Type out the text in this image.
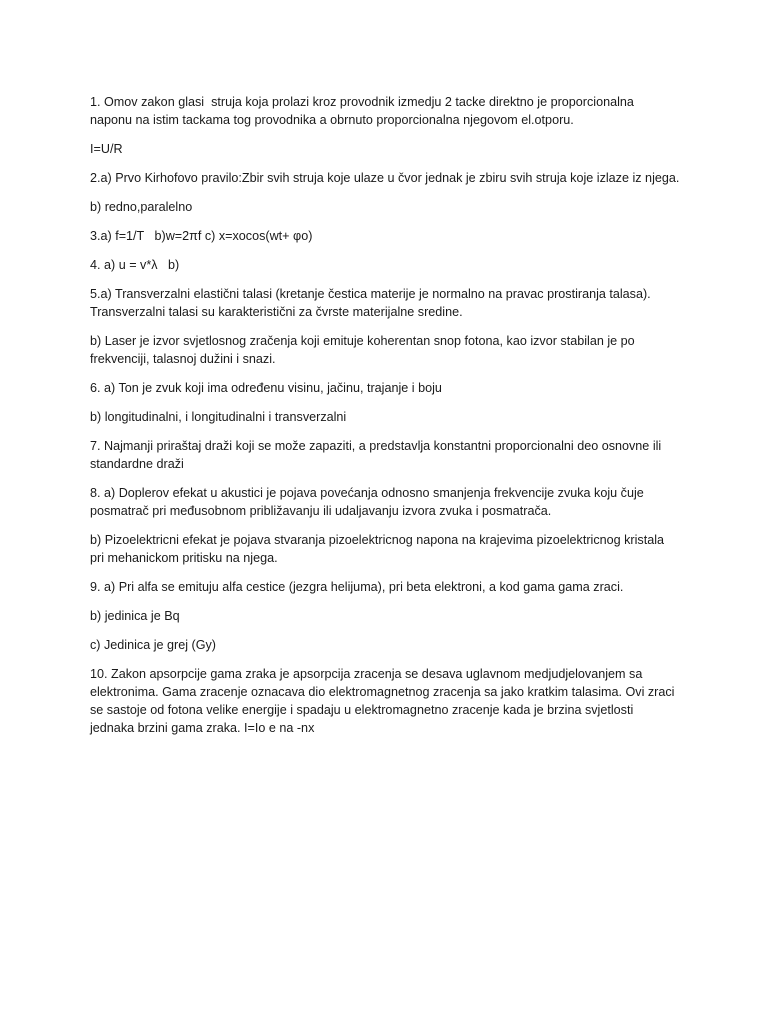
1. Omov zakon glasi  struja koja prolazi kroz provodnik izmedju 2 tacke direktno je proporcionalna
naponu na istim tackama tog provodnika a obrnuto proporcionalna njegovom el.otporu.
I=U/R
2.a) Prvo Kirhofovo pravilo:Zbir svih struja koje ulaze u čvor jednak je zbiru svih struja koje izlaze iz njega.
b) redno,paralelno
3.a) f=1/T   b)w=2πf c) x=xocos(wt+ φo)
4. a) u = v*λ   b)
5.a) Transverzalni elastični talasi (kretanje čestica materije je normalno na pravac prostiranja talasa).
Transverzalni talasi su karakteristični za čvrste materijalne sredine.
b) Laser je izvor svjetlosnog zračenja koji emituje koherentan snop fotona, kao izvor stabilan je po
frekvenciji, talasnoj dužini i snazi.
6. a) Ton je zvuk koji ima određenu visinu, jačinu, trajanje i boju
b) longitudinalni, i longitudinalni i transverzalni
7. Najmanji priraštaj draži koji se može zapaziti, a predstavlja konstantni proporcionalni deo osnovne ili
standardne draži
8. a) Doplerov efekat u akustici je pojava povećanja odnosno smanjenja frekvencije zvuka koju čuje
posmatrač pri međusobnom približavanju ili udaljavanju izvora zvuka i posmatrača.
b) Pizoelektricni efekat je pojava stvaranja pizoelektricnog napona na krajevima pizoelektricnog kristala
pri mehanickom pritisku na njega.
9. a) Pri alfa se emituju alfa cestice (jezgra helijuma), pri beta elektroni, a kod gama gama zraci.
b) jedinica je Bq
c) Jedinica je grej (Gy)
10. Zakon apsorpcije gama zraka je apsorpcija zracenja se desava uglavnom medjudjelovanjem sa
elektronima. Gama zracenje oznacava dio elektromagnetnog zracenja sa jako kratkim talasima. Ovi zraci
se sastoje od fotona velike energije i spadaju u elektromagnetno zracenje kada je brzina svjetlosti
jednaka brzini gama zraka. I=Io e na -nx
